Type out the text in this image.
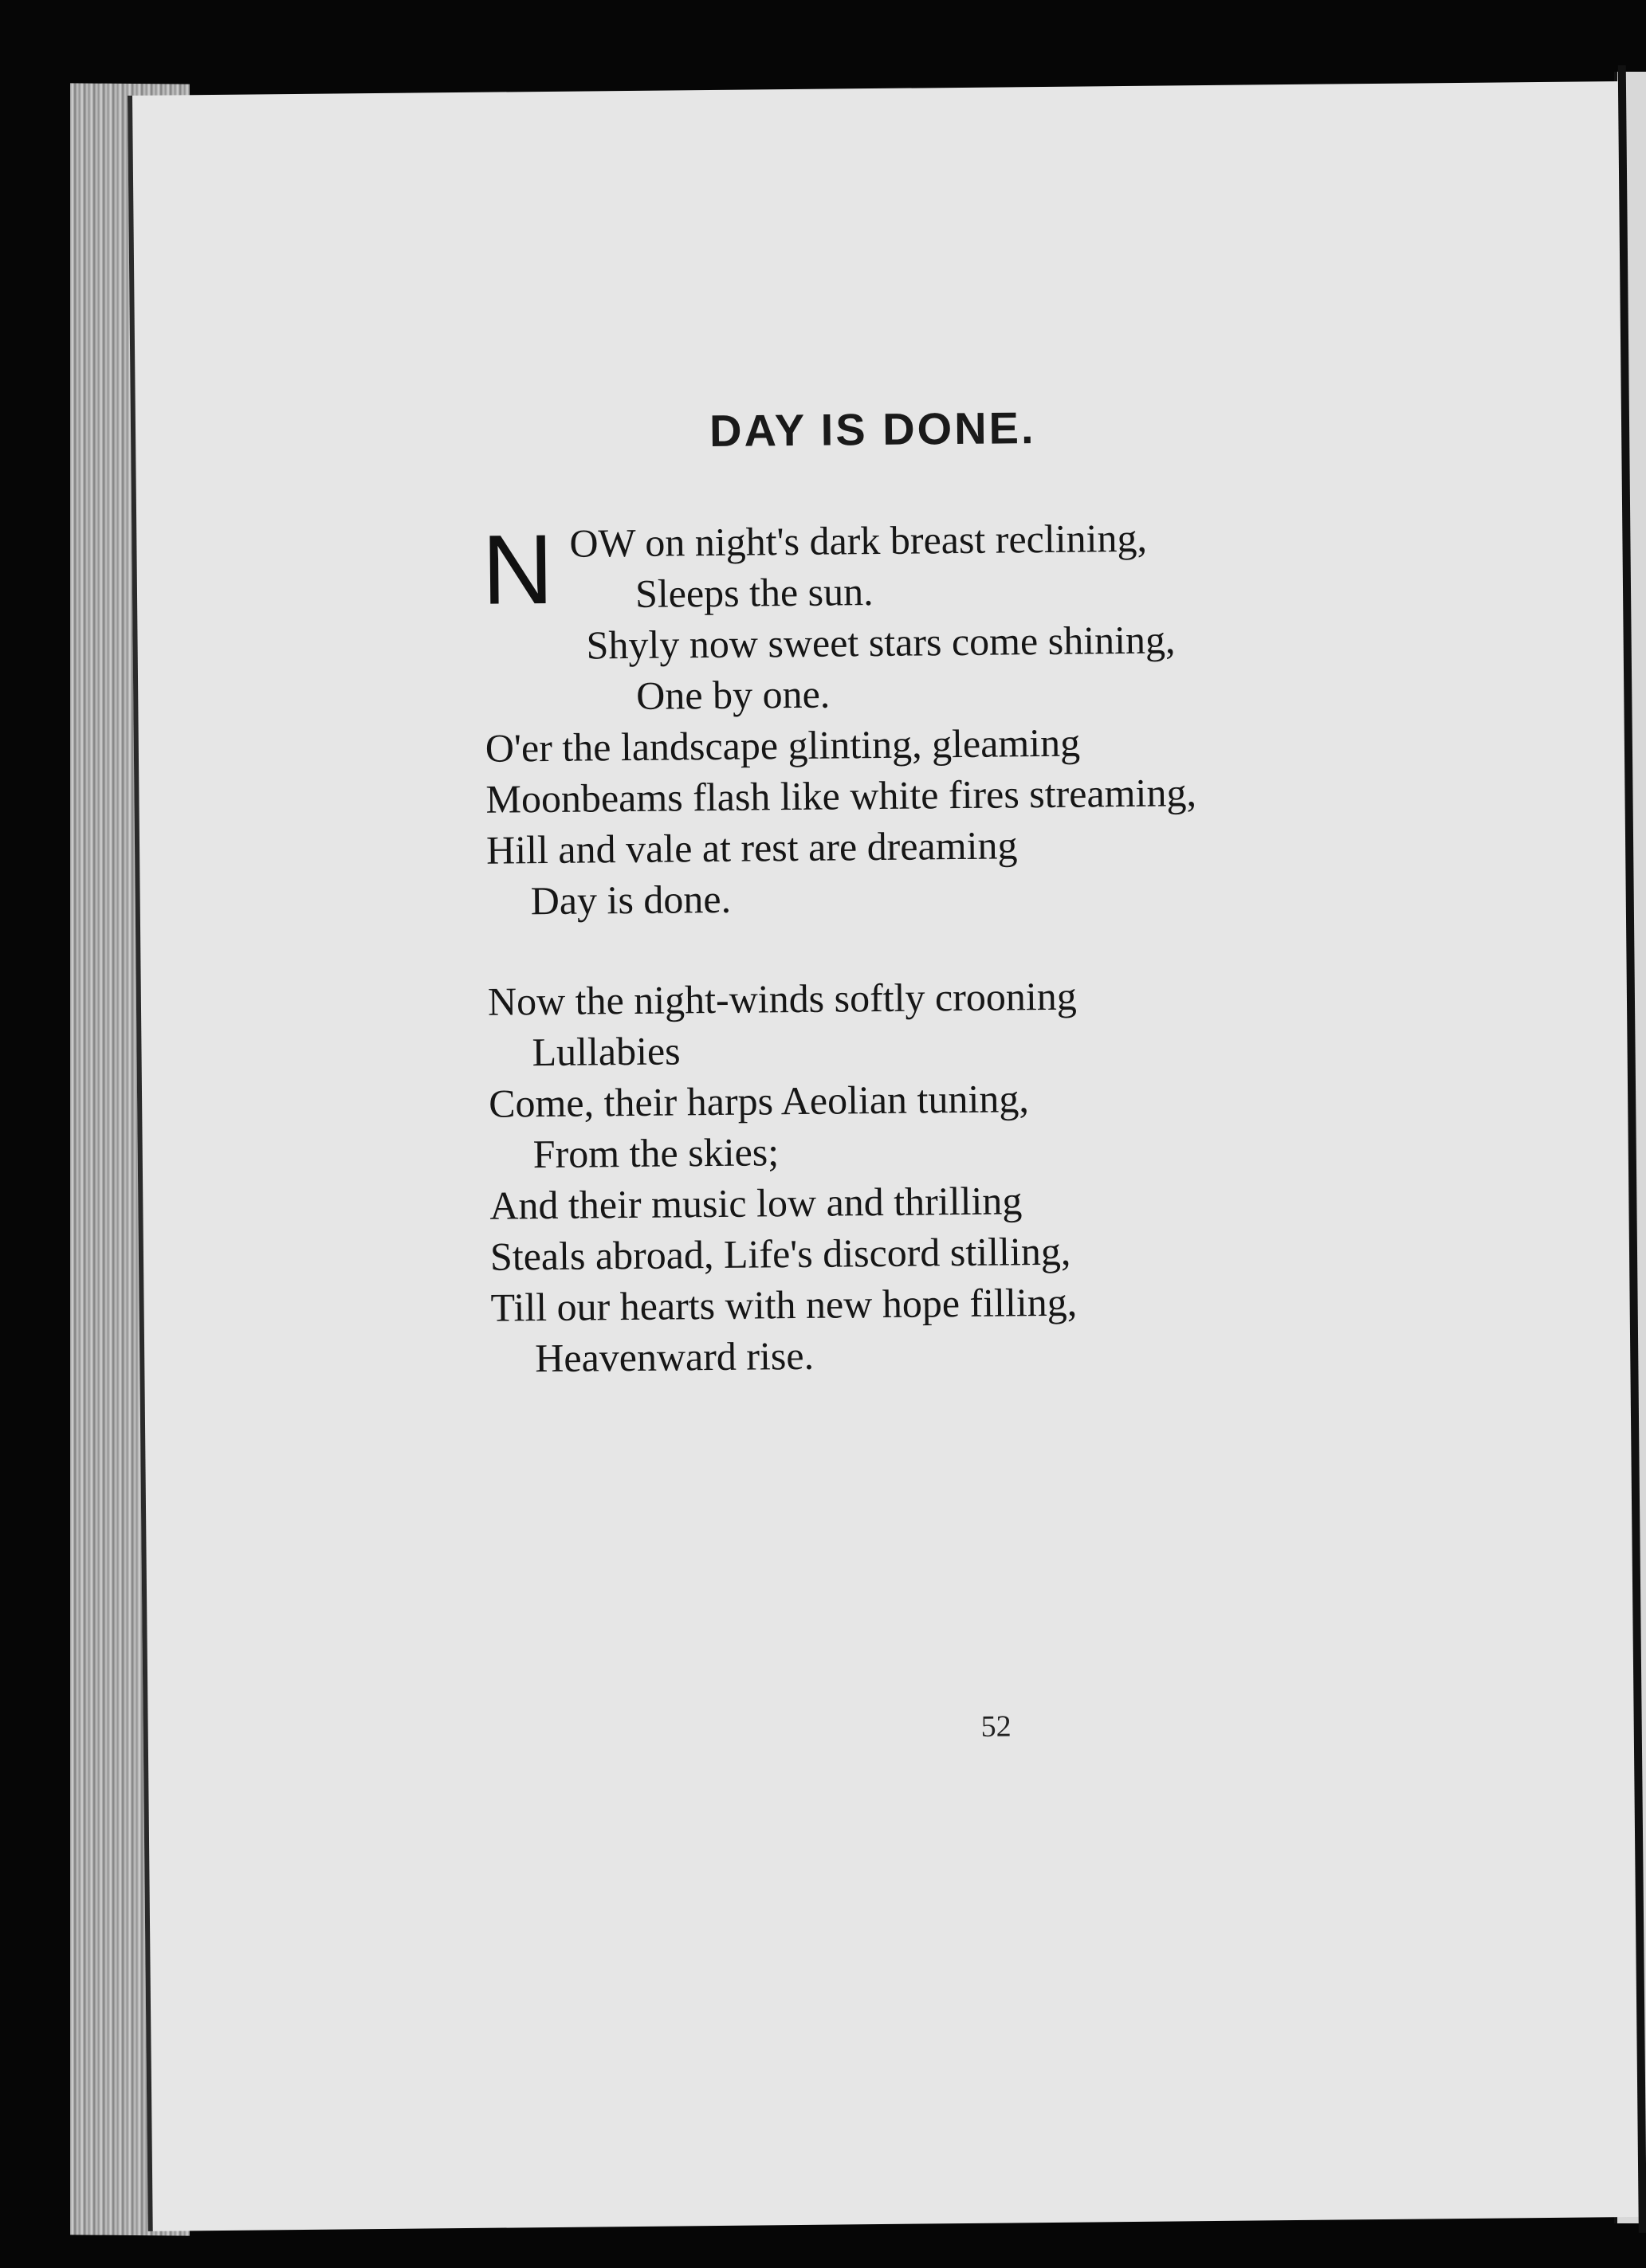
DAY IS DONE.
N OW on night's dark breast reclining,
Sleeps the sun.
Shyly now sweet stars come shining,
One by one.
O'er the landscape glinting, gleaming
Moonbeams flash like white fires streaming,
Hill and vale at rest are dreaming
Day is done.
Now the night-winds softly crooning
Lullabies
Come, their harps Aeolian tuning,
From the skies;
And their music low and thrilling
Steals abroad, Life's discord stilling,
Till our hearts with new hope filling,
Heavenward rise.
52
